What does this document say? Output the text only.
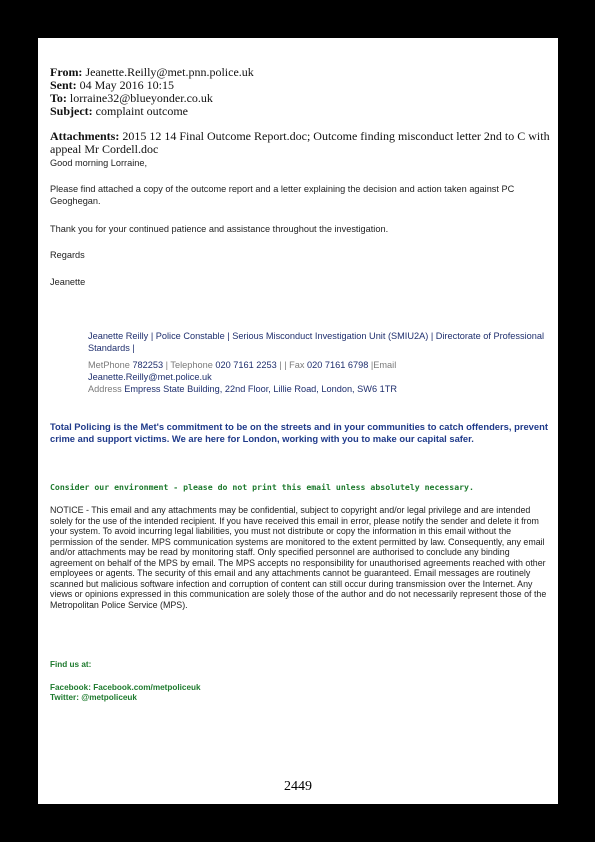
From: Jeanette.Reilly@met.pnn.police.uk
Sent: 04 May 2016 10:15
To: lorraine32@blueyonder.co.uk
Subject: complaint outcome
Attachments: 2015 12 14 Final Outcome Report.doc; Outcome finding misconduct letter 2nd to C with appeal Mr Cordell.doc
Good morning Lorraine,
Please find attached a copy of the outcome report and a letter explaining the decision and action taken against PC Geoghegan.
Thank you for your continued patience and assistance throughout the investigation.
Regards
Jeanette
Jeanette Reilly | Police Constable | Serious Misconduct Investigation Unit (SMIU2A) | Directorate of Professional Standards |
MetPhone 782253 | Telephone 020 7161 2253 | | Fax 020 7161 6798 |Email
Jeanette.Reilly@met.police.uk
Address Empress State Building, 22nd Floor, Lillie Road, London, SW6 1TR
Total Policing is the Met's commitment to be on the streets and in your communities to catch offenders, prevent crime and support victims. We are here for London, working with you to make our capital safer.
Consider our environment - please do not print this email unless absolutely necessary.
NOTICE - This email and any attachments may be confidential, subject to copyright and/or legal privilege and are intended solely for the use of the intended recipient. If you have received this email in error, please notify the sender and delete it from your system. To avoid incurring legal liabilities, you must not distribute or copy the information in this email without the permission of the sender. MPS communication systems are monitored to the extent permitted by law. Consequently, any email and/or attachments may be read by monitoring staff. Only specified personnel are authorised to conclude any binding agreement on behalf of the MPS by email. The MPS accepts no responsibility for unauthorised agreements reached with other employees or agents. The security of this email and any attachments cannot be guaranteed. Email messages are routinely scanned but malicious software infection and corruption of content can still occur during transmission over the Internet. Any views or opinions expressed in this communication are solely those of the author and do not necessarily represent those of the Metropolitan Police Service (MPS).
Find us at:
Facebook: Facebook.com/metpoliceuk
Twitter: @metpoliceuk
2449
